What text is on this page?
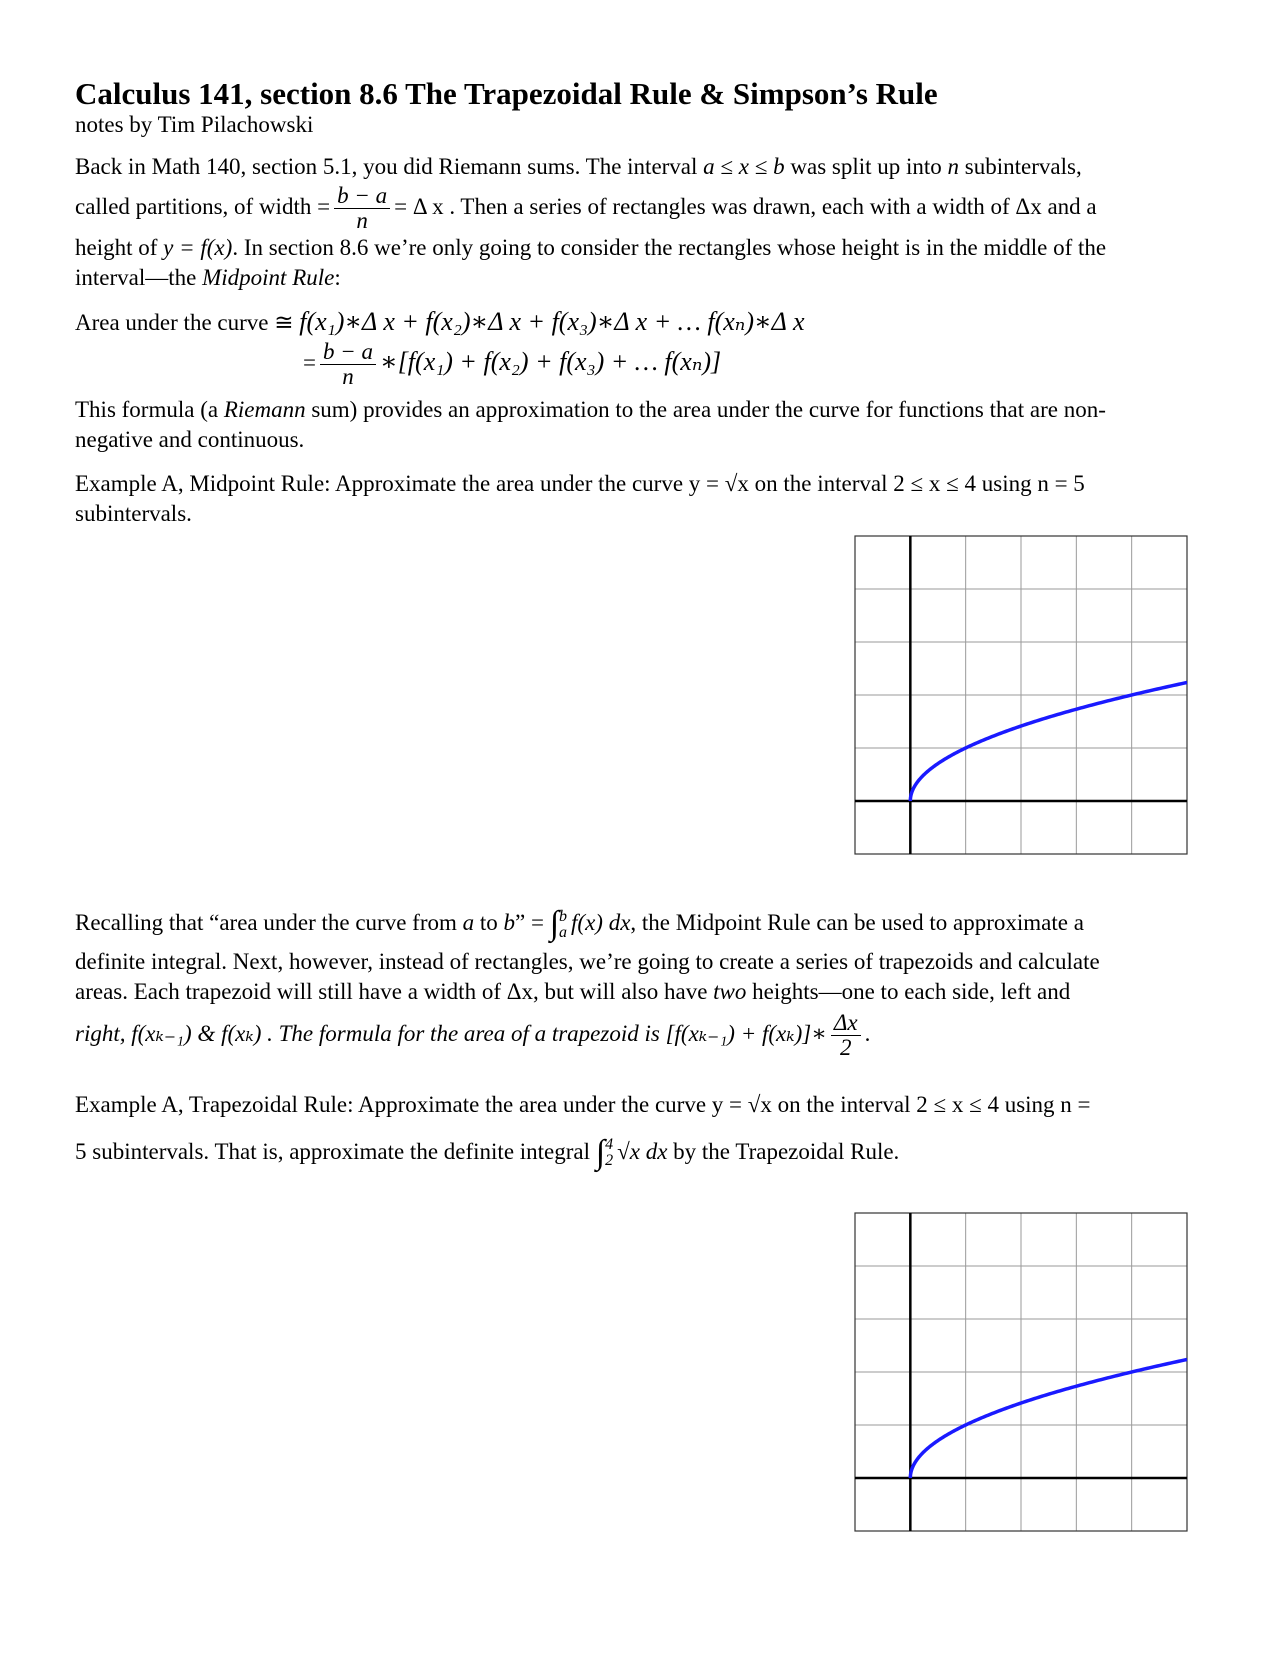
Calculus 141, section 8.6 The Trapezoidal Rule & Simpson’s Rule
notes by Tim Pilachowski

Back in Math 140, section 5.1, you did Riemann sums. The interval a ≤ x ≤ b was split up into n subintervals,

called partitions, of width = $\frac{b - a}{n} = \Delta$ x . Then a series of rectangles was drawn, each with a width of Δx and a

height of y = f(x). In section 8.6 we’re only going to consider the rectangles whose height is in the middle of the

interval—the Midpoint Rule:

Area under the curve ≅ f(x₁)∗Δ x + f(x₂)∗Δ x + f(x₃)∗Δ x + … f(xₙ)∗Δ x

= $\frac{b - a}{n}$ ∗[f(x₁) + f(x₂) + f(x₃) + … f(xₙ)]

This formula (a Riemann sum) provides an approximation to the area under the curve for functions that are non-

negative and continuous.

Example A, Midpoint Rule: Approximate the area under the curve y = √x on the interval 2 ≤ x ≤ 4 using n = 5

subintervals.

Recalling that “area under the curve from a to b” = ∫ b
a f(x) dx, the Midpoint Rule can be used to approximate a

definite integral. Next, however, instead of rectangles, we’re going to create a series of trapezoids and calculate

areas. Each trapezoid will still have a width of Δx, but will also have two heights—one to each side, left and

right, f(xₖ₋₁) & f(xₖ) . The formula for the area of a trapezoid is [f(xₖ₋₁) + f(xₖ)]∗ $\frac{\Delta x}{2}$ .

Example A, Trapezoidal Rule: Approximate the area under the curve y = √x on the interval 2 ≤ x ≤ 4 using n =

5 subintervals. That is, approximate the definite integral ∫ 4
2 √x dx by the Trapezoidal Rule.
